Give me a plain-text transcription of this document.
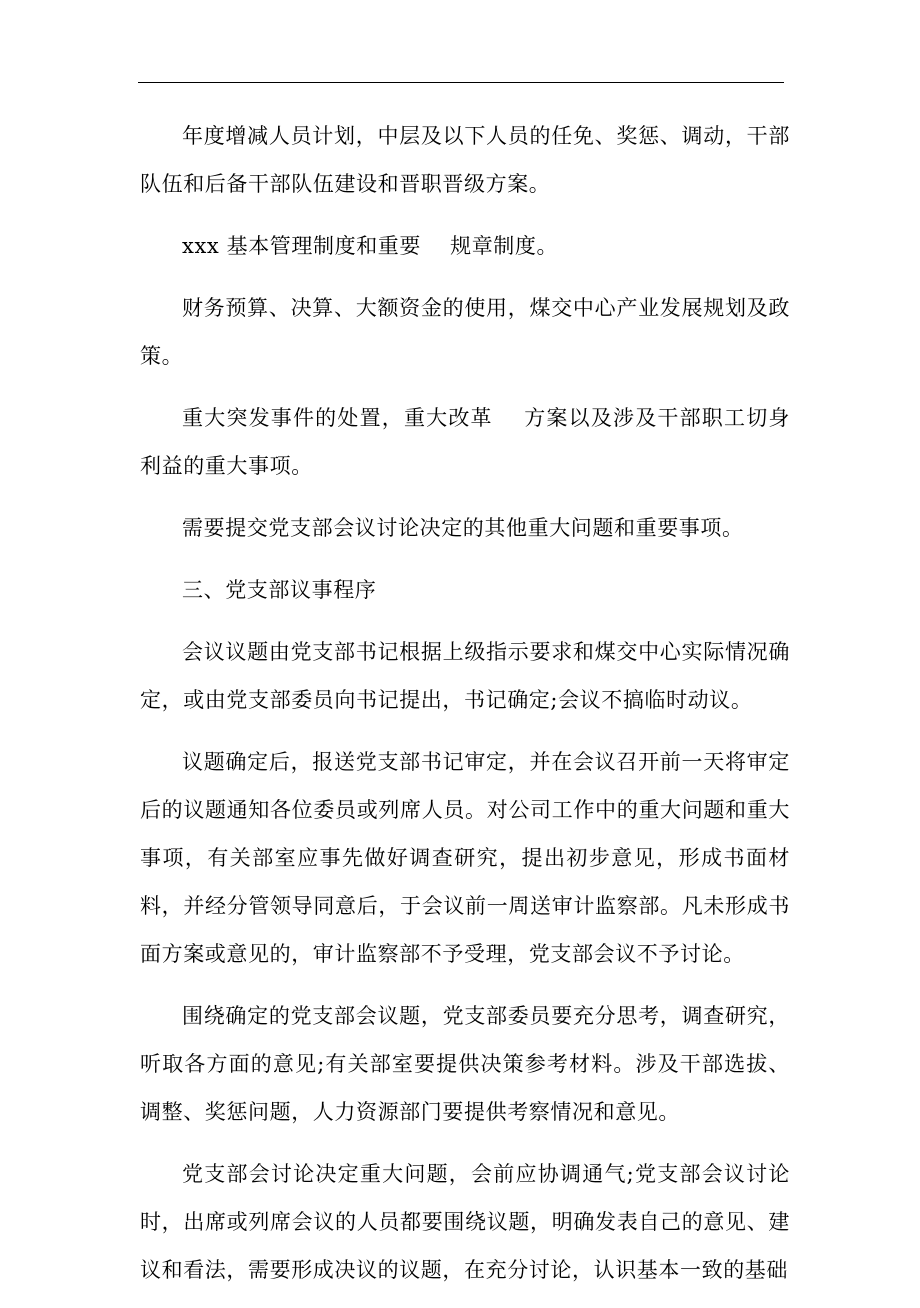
年度增减人员计划，中层及以下人员的任免、奖惩、调动，干部队伍和后备干部队伍建设和晋职晋级方案。

xxx 基本管理制度和重要    规章制度。

财务预算、决算、大额资金的使用，煤交中心产业发展规划及政策。

重大突发事件的处置，重大改革    方案以及涉及干部职工切身利益的重大事项。

需要提交党支部会议讨论决定的其他重大问题和重要事项。

三、党支部议事程序

会议议题由党支部书记根据上级指示要求和煤交中心实际情况确定，或由党支部委员向书记提出，书记确定;会议不搞临时动议。

议题确定后，报送党支部书记审定，并在会议召开前一天将审定后的议题通知各位委员或列席人员。对公司工作中的重大问题和重大事项，有关部室应事先做好调查研究，提出初步意见，形成书面材料，并经分管领导同意后，于会议前一周送审计监察部。凡未形成书面方案或意见的，审计监察部不予受理，党支部会议不予讨论。

围绕确定的党支部会议题，党支部委员要充分思考，调查研究，听取各方面的意见;有关部室要提供决策参考材料。涉及干部选拔、调整、奖惩问题，人力资源部门要提供考察情况和意见。

党支部会讨论决定重大问题，会前应协调通气;党支部会议讨论时，出席或列席会议的人员都要围绕议题，明确发表自己的意见、建议和看法，需要形成决议的议题，在充分讨论，认识基本一致的基础
